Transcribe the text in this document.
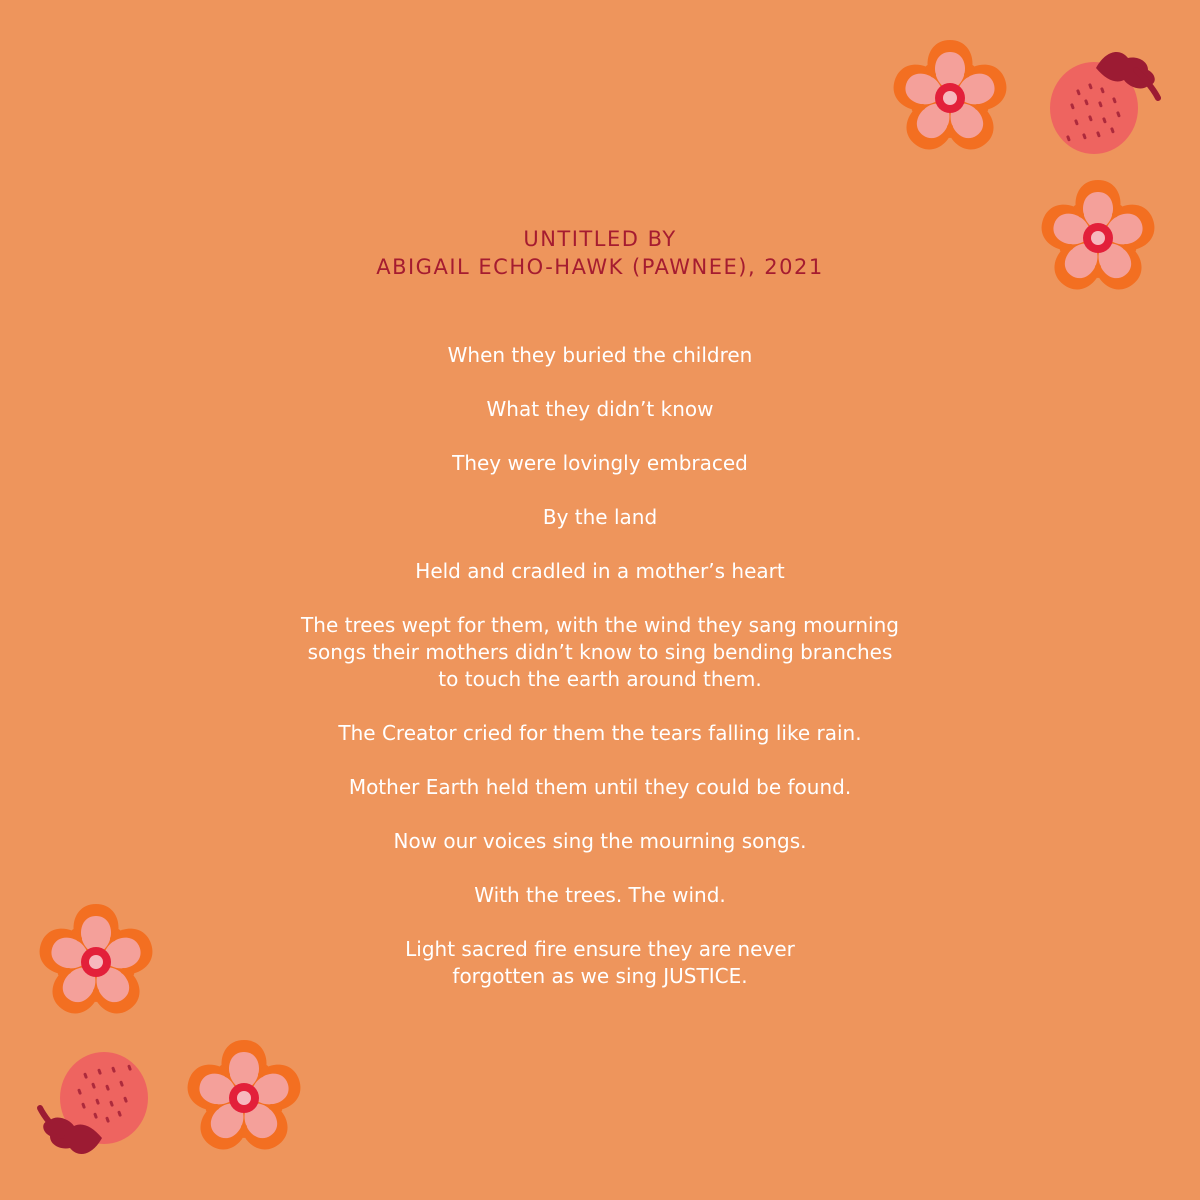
UNTITLED BY
ABIGAIL ECHO-HAWK (PAWNEE), 2021

When they buried the children

What they didn’t know

They were lovingly embraced

By the land

Held and cradled in a mother’s heart

The trees wept for them, with the wind they sang mourning
songs their mothers didn’t know to sing bending branches
to touch the earth around them.

The Creator cried for them the tears falling like rain.

Mother Earth held them until they could be found.

Now our voices sing the mourning songs.

With the trees. The wind.

Light sacred fire ensure they are never
forgotten as we sing JUSTICE.
